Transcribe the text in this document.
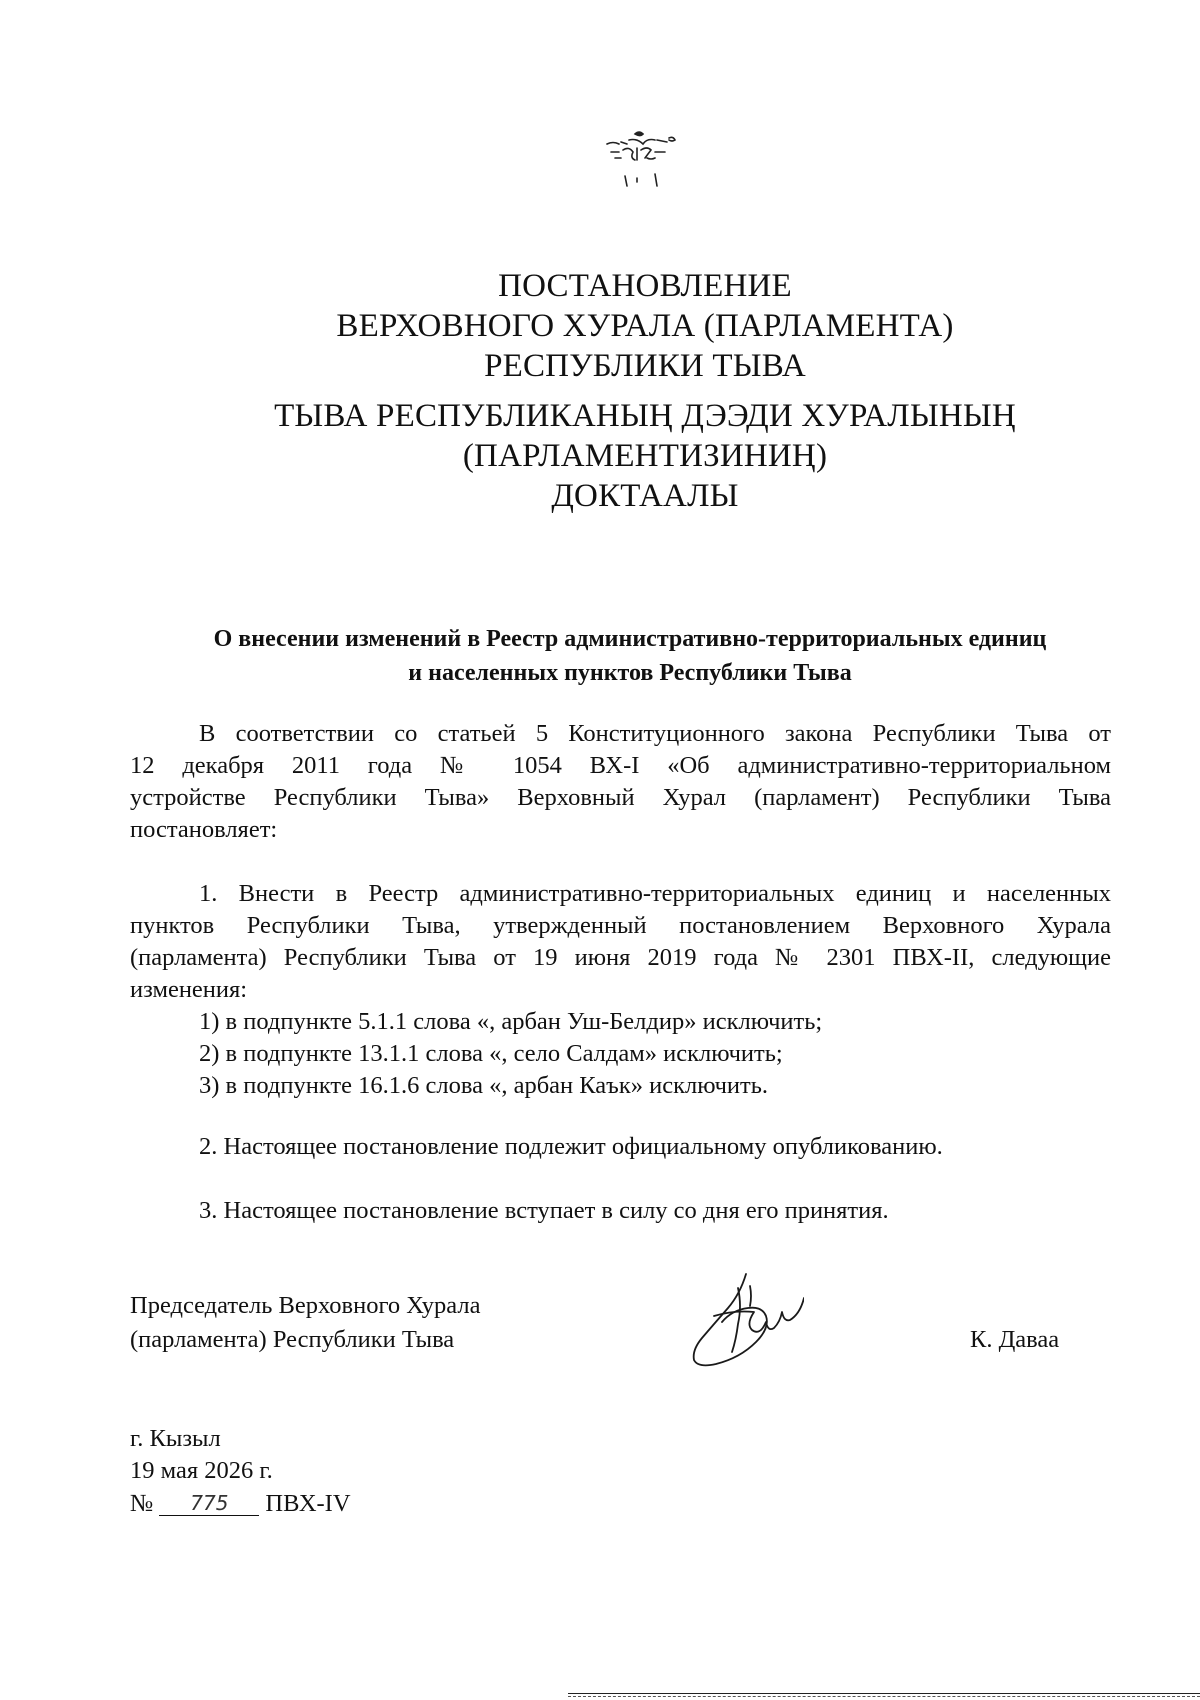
ПОСТАНОВЛЕНИЕ
ВЕРХОВНОГО ХУРАЛА (ПАРЛАМЕНТА)
РЕСПУБЛИКИ ТЫВА
ТЫВА РЕСПУБЛИКАНЫҢ ДЭЭДИ ХУРАЛЫНЫҢ
(ПАРЛАМЕНТИЗИНИҢ)
ДОКТААЛЫ
О внесении изменений в Реестр административно-территориальных единиц
и населенных пунктов Республики Тыва
В соответствии со статьей 5 Конституционного закона Республики Тыва от
12 декабря 2011 года № 1054 ВХ-I «Об административно-территориальном
устройстве Республики Тыва» Верховный Хурал (парламент) Республики Тыва
постановляет:
1. Внести в Реестр административно-территориальных единиц и населенных
пунктов Республики Тыва, утвержденный постановлением Верховного Хурала
(парламента) Республики Тыва от 19 июня 2019 года № 2301 ПВХ-II, следующие
изменения:
1) в подпункте 5.1.1 слова «, арбан Уш-Белдир» исключить;
2) в подпункте 13.1.1 слова «, село Салдам» исключить;
3) в подпункте 16.1.6 слова «, арбан Каък» исключить.
2. Настоящее постановление подлежит официальному опубликованию.
3. Настоящее постановление вступает в силу со дня его принятия.
Председатель Верховного Хурала
(парламента) Республики Тыва	К. Даваа
г. Кызыл
19 мая 2026 г.
№	775	ПВХ-IV
